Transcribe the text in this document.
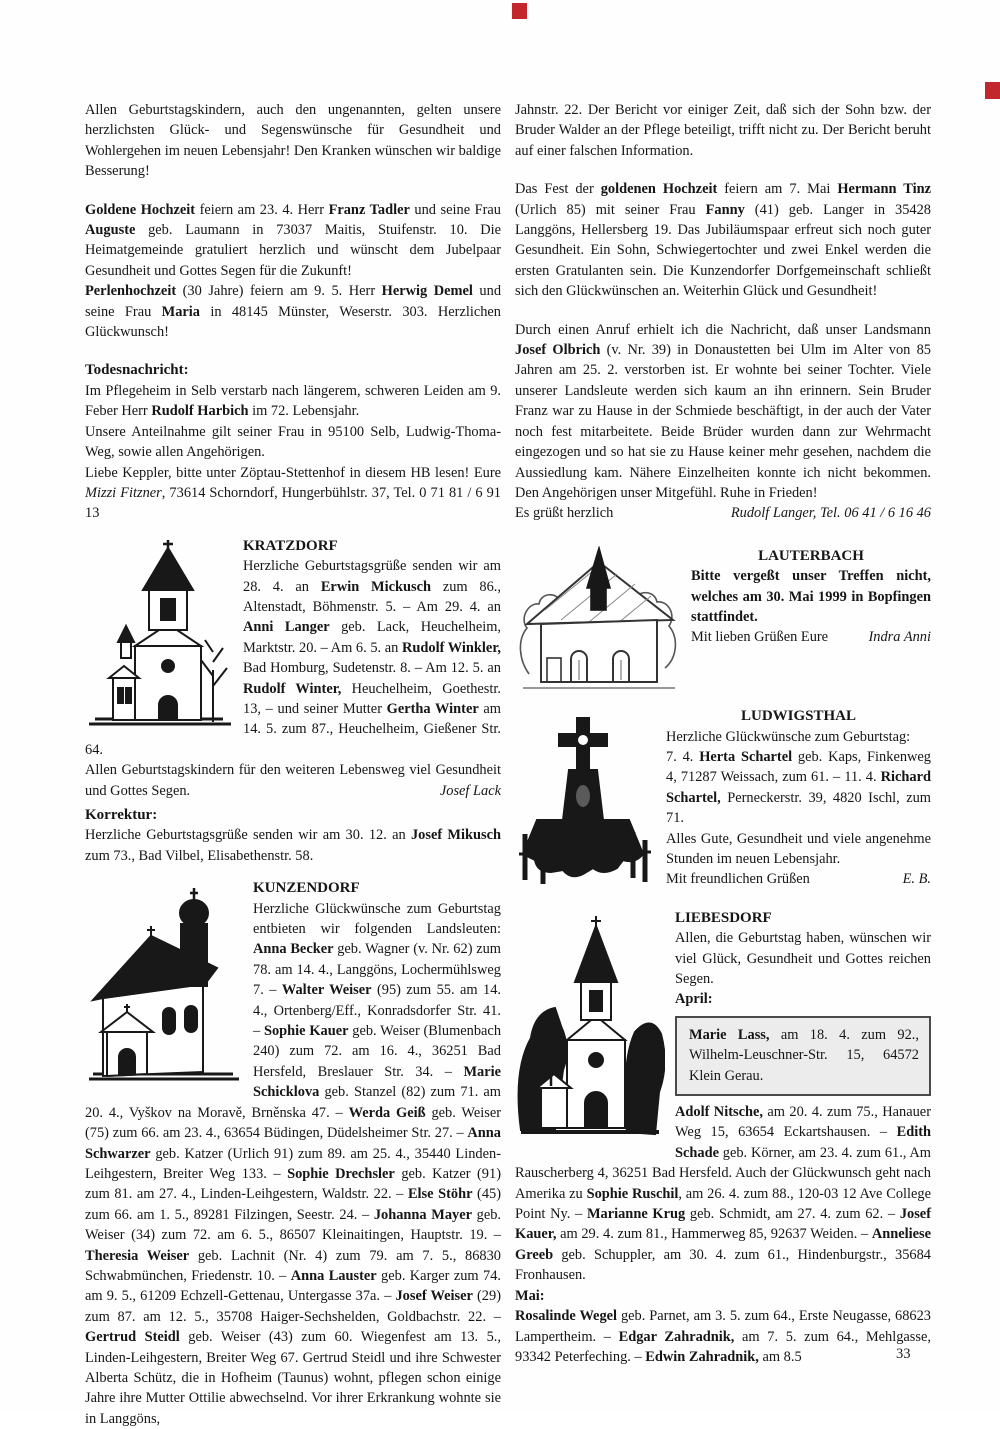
Allen Geburtstagskindern, auch den ungenannten, gelten unsere herzlichsten Glück- und Segenswünsche für Gesundheit und Wohlergehen im neuen Lebensjahr! Den Kranken wünschen wir baldige Besserung!

Goldene Hochzeit feiern am 23. 4. Herr Franz Tadler und seine Frau Auguste geb. Laumann in 73037 Maitis, Stuifenstr. 10. Die Heimatgemeinde gratuliert herzlich und wünscht dem Jubelpaar Gesundheit und Gottes Segen für die Zukunft!

Perlenhochzeit (30 Jahre) feiern am 9. 5. Herr Herwig Demel und seine Frau Maria in 48145 Münster, Weserstr. 303. Herzlichen Glückwunsch!

Todesnachricht:

Im Pflegeheim in Selb verstarb nach längerem, schweren Leiden am 9. Feber Herr Rudolf Harbich im 72. Lebensjahr.

Unsere Anteilnahme gilt seiner Frau in 95100 Selb, Ludwig-Thoma-Weg, sowie allen Angehörigen.

Liebe Keppler, bitte unter Zöptau-Stettenhof in diesem HB lesen! Eure Mizzi Fitzner, 73614 Schorndorf, Hungerbühlstr. 37, Tel. 0 71 81 / 6 91 13

KRATZDORF

Herzliche Geburtstagsgrüße senden wir am 28. 4. an Erwin Mickusch zum 86., Altenstadt, Böhmenstr. 5. – Am 29. 4. an Anni Langer geb. Lack, Heuchelheim, Marktstr. 20. – Am 6. 5. an Rudolf Winkler, Bad Homburg, Sudetenstr. 8. – Am 12. 5. an Rudolf Winter, Heuchelheim, Goethestr. 13, – und seiner Mutter Gertha Winter am 14. 5. zum 87., Heuchelheim, Gießener Str. 64.

Allen Geburtstagskindern für den weiteren Lebensweg viel Gesundheit und Gottes Segen.	Josef Lack
Korrektur:

Herzliche Geburtstagsgrüße senden wir am 30. 12. an Josef Mikusch zum 73., Bad Vilbel, Elisabethenstr. 58.

KUNZENDORF

Herzliche Glückwünsche zum Geburtstag entbieten wir folgenden Landsleuten: Anna Becker geb. Wagner (v. Nr. 62) zum 78. am 14. 4., Langgöns, Lochermühlsweg 7. – Walter Weiser (95) zum 55. am 14. 4., Ortenberg/Eff., Konradsdorfer Str. 41. – Sophie Kauer geb. Weiser (Blumenbach 240) zum 72. am 16. 4., 36251 Bad Hersfeld, Breslauer Str. 34. – Marie Schicklova geb. Stanzel (82) zum 71. am 20. 4., Vyškov na Moravě, Brněnska 47. – Werda Geiß geb. Weiser (75) zum 66. am 23. 4., 63654 Büdingen, Düdelsheimer Str. 27. – Anna Schwarzer geb. Katzer (Urlich 91) zum 89. am 25. 4., 35440 Linden-Leihgestern, Breiter Weg 133. – Sophie Drechsler geb. Katzer (91) zum 81. am 27. 4., Linden-Leihgestern, Waldstr. 22. – Else Stöhr (45) zum 66. am 1. 5., 89281 Filzingen, Seestr. 24. – Johanna Mayer geb. Weiser (34) zum 72. am 6. 5., 86507 Kleinaitingen, Hauptstr. 19. – Theresia Weiser geb. Lachnit (Nr. 4) zum 79. am 7. 5., 86830 Schwabmünchen, Friedenstr. 10. – Anna Lauster geb. Karger zum 74. am 9. 5., 61209 Echzell-Gettenau, Untergasse 37a. – Josef Weiser (29) zum 87. am 12. 5., 35708 Haiger-Sechshelden, Goldbachstr. 22. – Gertrud Steidl geb. Weiser (43) zum 60. Wiegenfest am 13. 5., Linden-Leihgestern, Breiter Weg 67. Gertrud Steidl und ihre Schwester Alberta Schütz, die in Hofheim (Taunus) wohnt, pflegen schon einige Jahre ihre Mutter Ottilie abwechselnd. Vor ihrer Erkrankung wohnte sie in Langgöns,

Jahnstr. 22. Der Bericht vor einiger Zeit, daß sich der Sohn bzw. der Bruder Walder an der Pflege beteiligt, trifft nicht zu. Der Bericht beruht auf einer falschen Information.

Das Fest der goldenen Hochzeit feiern am 7. Mai Hermann Tinz (Urlich 85) mit seiner Frau Fanny (41) geb. Langer in 35428 Langgöns, Hellersberg 19. Das Jubiläumspaar erfreut sich noch guter Gesundheit. Ein Sohn, Schwiegertochter und zwei Enkel werden die ersten Gratulanten sein. Die Kunzendorfer Dorfgemeinschaft schließt sich den Glückwünschen an. Weiterhin Glück und Gesundheit!

Durch einen Anruf erhielt ich die Nachricht, daß unser Landsmann Josef Olbrich (v. Nr. 39) in Donaustetten bei Ulm im Alter von 85 Jahren am 25. 2. verstorben ist. Er wohnte bei seiner Tochter. Viele unserer Landsleute werden sich kaum an ihn erinnern. Sein Bruder Franz war zu Hause in der Schmiede beschäftigt, in der auch der Vater noch fest mitarbeitete. Beide Brüder wurden dann zur Wehrmacht eingezogen und so hat sie zu Hause keiner mehr gesehen, nachdem die Aussiedlung kam. Nähere Einzelheiten konnte ich nicht bekommen. Den Angehörigen unser Mitgefühl. Ruhe in Frieden!

Es grüßt herzlich	Rudolf Langer, Tel. 06 41 / 6 16 46
LAUTERBACH

Bitte vergeßt unser Treffen nicht, welches am 30. Mai 1999 in Bopfingen stattfindet.

Mit lieben Grüßen Eure	Indra Anni
LUDWIGSTHAL

Herzliche Glückwünsche zum Geburtstag:

7. 4. Herta Schartel geb. Kaps, Finkenweg 4, 71287 Weissach, zum 61. – 11. 4. Richard Schartel, Perneckerstr. 39, 4820 Ischl, zum 71.

Alles Gute, Gesundheit und viele angenehme Stunden im neuen Lebensjahr.

Mit freundlichen Grüßen	E. B.
LIEBESDORF

Allen, die Geburtstag haben, wünschen wir viel Glück, Gesundheit und Gottes reichen Segen.

April:

Marie Lass, am 18. 4. zum 92., Wilhelm-Leuschner-Str. 15, 64572 Klein Gerau.

Adolf Nitsche, am 20. 4. zum 75., Hanauer Weg 15, 63654 Eckartshausen. – Edith Schade geb. Körner, am 23. 4. zum 61., Am Rauscherberg 4, 36251 Bad Hersfeld. Auch der Glückwunsch geht nach Amerika zu Sophie Ruschil, am 26. 4. zum 88., 120-03 12 Ave College Point Ny. – Marianne Krug geb. Schmidt, am 27. 4. zum 62. – Josef Kauer, am 29. 4. zum 81., Hammerweg 85, 92637 Weiden. – Anneliese Greeb geb. Schuppler, am 30. 4. zum 61., Hindenburgstr., 35684 Fronhausen.

Mai:

Rosalinde Wegel geb. Parnet, am 3. 5. zum 64., Erste Neugasse, 68623 Lampertheim. – Edgar Zahradnik, am 7. 5. zum 64., Mehlgasse, 93342 Peterfeching. – Edwin Zahradnik, am 8.5	33
